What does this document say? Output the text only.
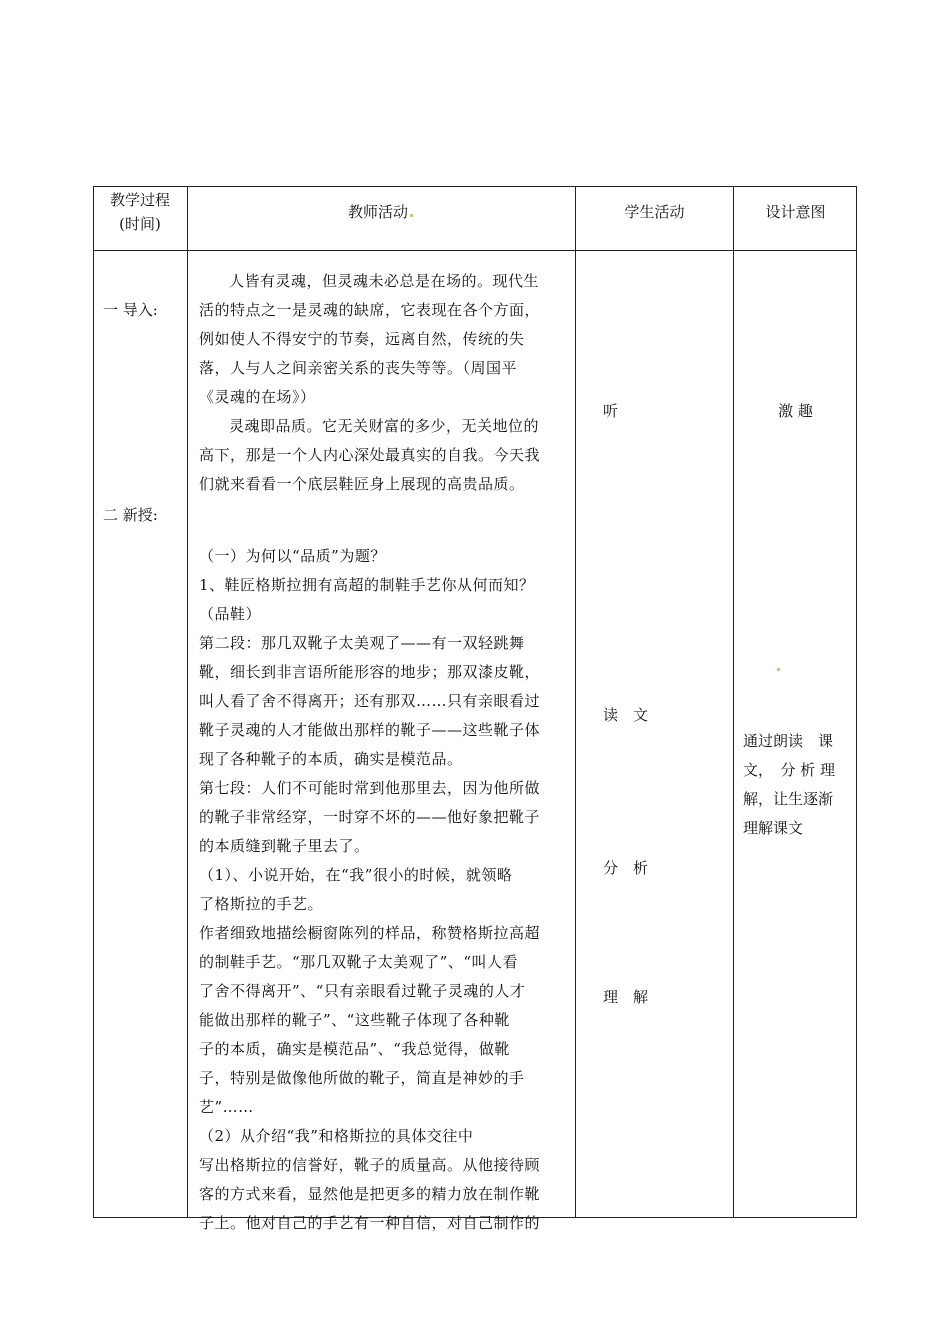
教学过程
(时间)
教师活动	学生活动	设计意图
一 导入:
二 新授:

人皆有灵魂，但灵魂未必总是在场的。现代生

活的特点之一是灵魂的缺席，它表现在各个方面，

例如使人不得安宁的节奏，远离自然，传统的失

落，人与人之间亲密关系的丧失等等。（周国平

《灵魂的在场》）

灵魂即品质。它无关财富的多少，无关地位的

高下，那是一个人内心深处最真实的自我。今天我

们就来看看一个底层鞋匠身上展现的高贵品质。

（一）为何以“品质”为题？

1、鞋匠格斯拉拥有高超的制鞋手艺你从何而知？

（品鞋）

第二段：那几双靴子太美观了——有一双轻跳舞

靴，细长到非言语所能形容的地步；那双漆皮靴，

叫人看了舍不得离开；还有那双……只有亲眼看过

靴子灵魂的人才能做出那样的靴子——这些靴子体

现了各种靴子的本质，确实是模范品。

第七段：人们不可能时常到他那里去，因为他所做

的靴子非常经穿，一时穿不坏的——他好象把靴子

的本质缝到靴子里去了。

（1）、小说开始，在“我”很小的时候，就领略

了格斯拉的手艺。

作者细致地描绘橱窗陈列的样品，称赞格斯拉高超

的制鞋手艺。“那几双靴子太美观了”、“叫人看

了舍不得离开”、“只有亲眼看过靴子灵魂的人才

能做出那样的靴子”、“这些靴子体现了各种靴

子的本质，确实是模范品”、“我总觉得，做靴

子，特别是做像他所做的靴子，简直是神妙的手

艺”……

（2）从介绍“我”和格斯拉的具体交往中

写出格斯拉的信誉好，靴子的质量高。从他接待顾

客的方式来看，显然他是把更多的精力放在制作靴

子上。他对自己的手艺有一种自信，对自己制作的

听
读　文
分　析
理　解
激 趣
通过朗读　课
文，　分 析 理
解，让生逐渐
理解课文
